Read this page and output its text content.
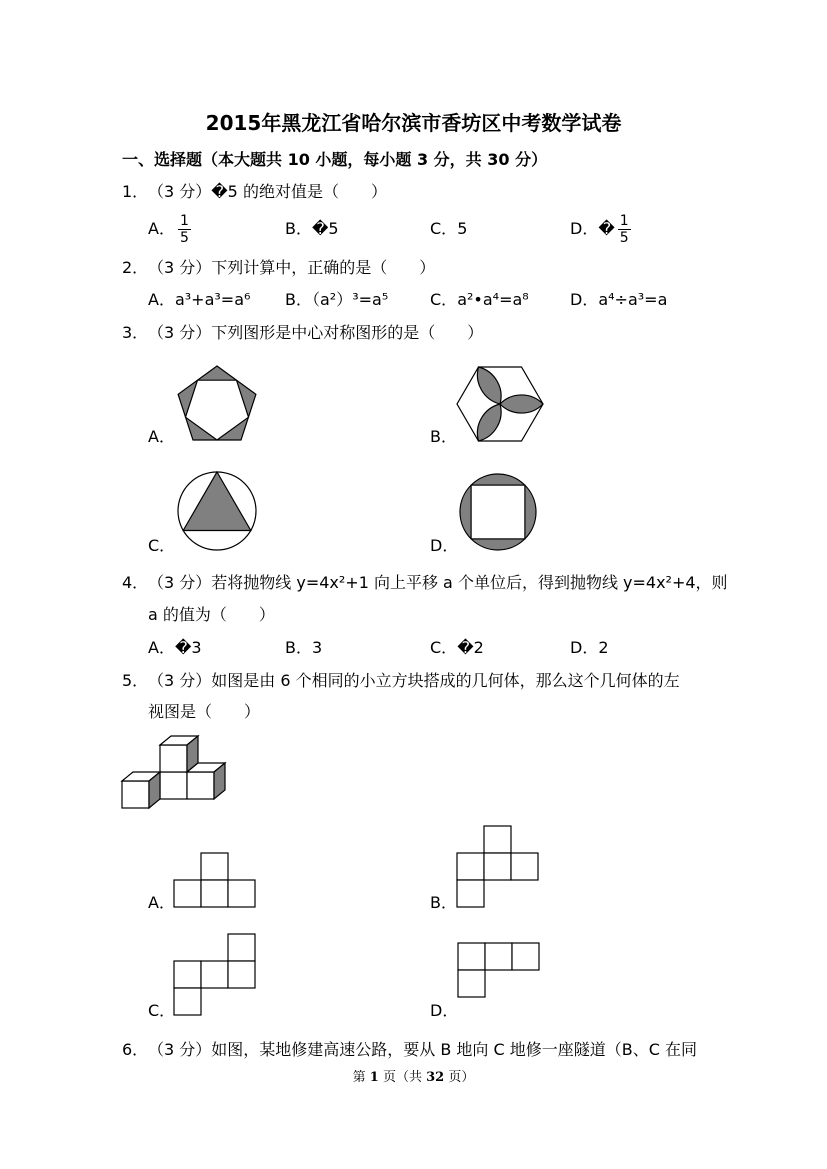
2015年黑龙江省哈尔滨市香坊区中考数学试卷
一、选择题（本大题共 10 小题，每小题 3 分，共 30 分）
1． （3 分）�5 的绝对值是（　　）
A． $\frac{1}{5}$	B． �5	C． 5	D． � $\frac{1}{5}$
2． （3 分）下列计算中，正确的是（　　）
A．a³+a³=a⁶ B．（a²）³=a⁵	C．a²•a⁴=a⁸	D．a⁴÷a³=a
3． （3 分）下列图形是中心对称图形的是（　　）
A．	B．
C．	D．
4． （3 分）若将抛物线 y=4x²+1 向上平移 a 个单位后，得到抛物线 y=4x²+4，则
a 的值为（　　）
A．�3	B．3	C．�2	D．2
5． （3 分）如图是由 6 个相同的小立方块搭成的几何体，那么这个几何体的左
视图是（　　）
A．	B．
C．	D．
6． （3 分）如图，某地修建高速公路，要从 B 地向 C 地修一座隧道（B、C 在同
第 1 页（共 32 页）
